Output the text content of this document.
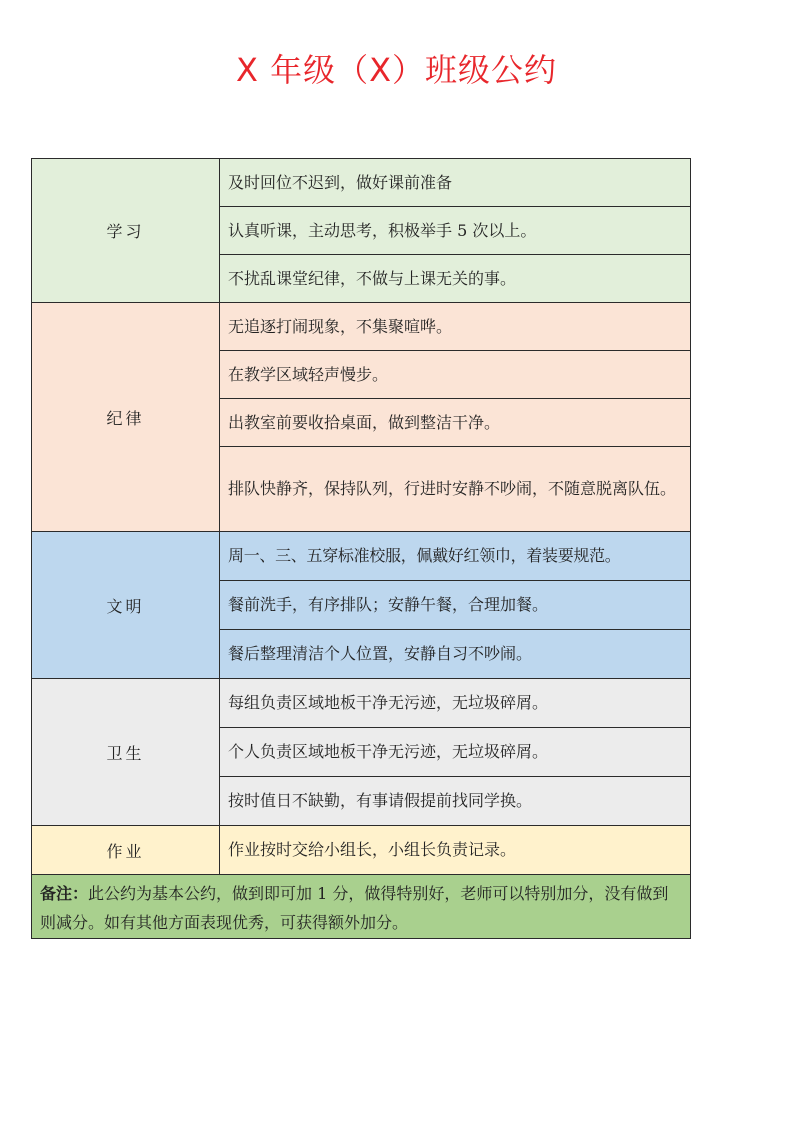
X 年级（X）班级公约
学习	及时回位不迟到，做好课前准备
	认真听课，主动思考，积极举手 5 次以上。
	不扰乱课堂纪律，不做与上课无关的事。
纪律	无追逐打闹现象，不集聚喧哗。
	在教学区域轻声慢步。
	出教室前要收拾桌面，做到整洁干净。
	排队快静齐，保持队列，行进时安静不吵闹，不随意脱离队伍。
文明	周一、三、五穿标准校服，佩戴好红领巾，着装要规范。
	餐前洗手，有序排队；安静午餐，合理加餐。
	餐后整理清洁个人位置，安静自习不吵闹。
卫生	每组负责区域地板干净无污迹，无垃圾碎屑。
	个人负责区域地板干净无污迹，无垃圾碎屑。
	按时值日不缺勤，有事请假提前找同学换。
作业	作业按时交给小组长，小组长负责记录。
备注：此公约为基本公约，做到即可加 1 分，做得特别好，老师可以特别加分，没有做到则减分。如有其他方面表现优秀，可获得额外加分。	
